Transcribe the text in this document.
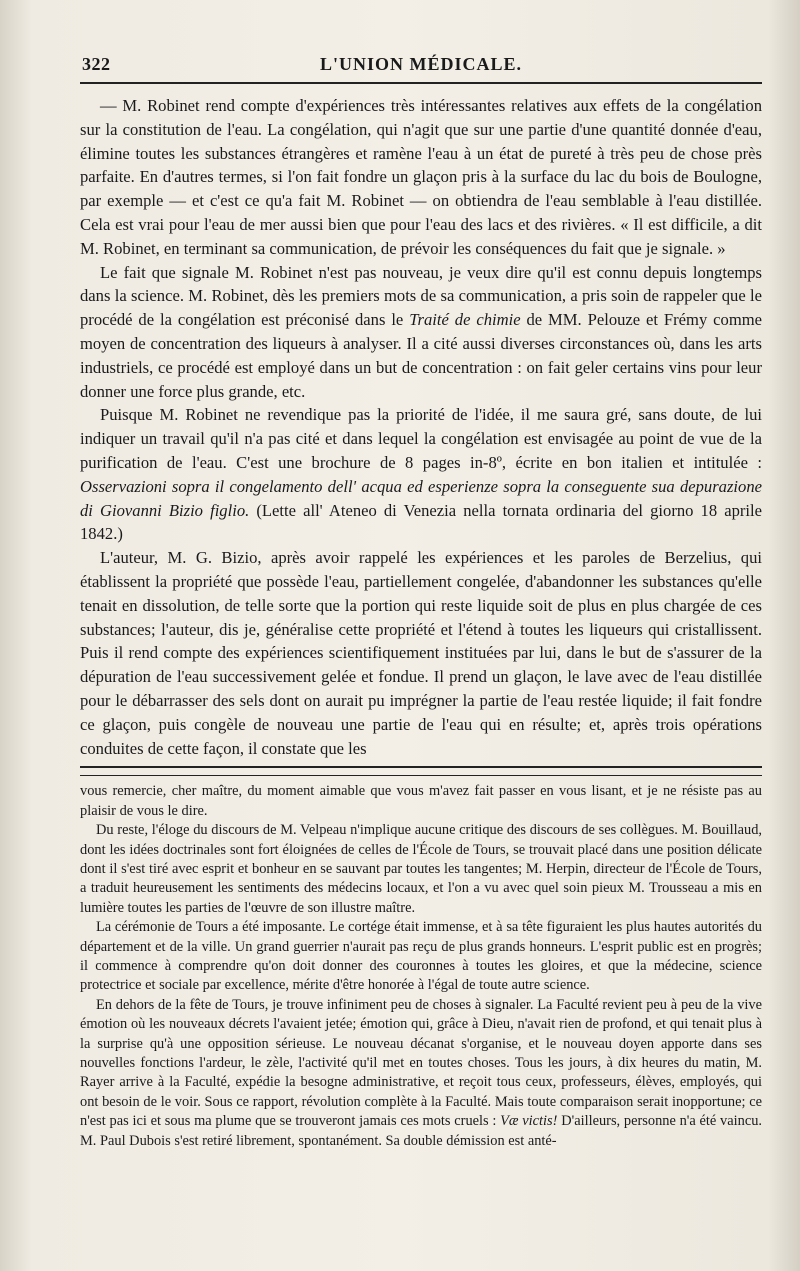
322	L'UNION MÉDICALE.

— M. Robinet rend compte d'expériences très intéressantes relatives aux effets de la congélation sur la constitution de l'eau. La congélation, qui n'agit que sur une partie d'une quantité donnée d'eau, élimine toutes les substances étrangères et ramène l'eau à un état de pureté à très peu de chose près parfaite. En d'autres termes, si l'on fait fondre un glaçon pris à la surface du lac du bois de Boulogne, par exemple — et c'est ce qu'a fait M. Robinet — on obtiendra de l'eau semblable à l'eau distillée. Cela est vrai pour l'eau de mer aussi bien que pour l'eau des lacs et des rivières. « Il est difficile, a dit M. Robinet, en terminant sa communication, de prévoir les conséquences du fait que je signale. »

Le fait que signale M. Robinet n'est pas nouveau, je veux dire qu'il est connu depuis longtemps dans la science. M. Robinet, dès les premiers mots de sa communication, a pris soin de rappeler que le procédé de la congélation est préconisé dans le Traité de chimie de MM. Pelouze et Frémy comme moyen de concentration des liqueurs à analyser. Il a cité aussi diverses circonstances où, dans les arts industriels, ce procédé est employé dans un but de concentration : on fait geler certains vins pour leur donner une force plus grande, etc.

Puisque M. Robinet ne revendique pas la priorité de l'idée, il me saura gré, sans doute, de lui indiquer un travail qu'il n'a pas cité et dans lequel la congélation est envisagée au point de vue de la purification de l'eau. C'est une brochure de 8 pages in-8º, écrite en bon italien et intitulée : Osservazioni sopra il congelamento dell' acqua ed esperienze sopra la conseguente sua depurazione di Giovanni Bizio figlio. (Lette all' Ateneo di Venezia nella tornata ordinaria del giorno 18 aprile 1842.)

L'auteur, M. G. Bizio, après avoir rappelé les expériences et les paroles de Berzelius, qui établissent la propriété que possède l'eau, partiellement congelée, d'abandonner les substances qu'elle tenait en dissolution, de telle sorte que la portion qui reste liquide soit de plus en plus chargée de ces substances; l'auteur, dis je, généralise cette propriété et l'étend à toutes les liqueurs qui cristallissent. Puis il rend compte des expériences scientifiquement instituées par lui, dans le but de s'assurer de la dépuration de l'eau successivement gelée et fondue. Il prend un glaçon, le lave avec de l'eau distillée pour le débarrasser des sels dont on aurait pu imprégner la partie de l'eau restée liquide; il fait fondre ce glaçon, puis congèle de nouveau une partie de l'eau qui en résulte; et, après trois opérations conduites de cette façon, il constate que les

vous remercie, cher maître, du moment aimable que vous m'avez fait passer en vous lisant, et je ne résiste pas au plaisir de vous le dire.

Du reste, l'éloge du discours de M. Velpeau n'implique aucune critique des discours de ses collègues. M. Bouillaud, dont les idées doctrinales sont fort éloignées de celles de l'École de Tours, se trouvait placé dans une position délicate dont il s'est tiré avec esprit et bonheur en se sauvant par toutes les tangentes; M. Herpin, directeur de l'École de Tours, a traduit heureusement les sentiments des médecins locaux, et l'on a vu avec quel soin pieux M. Trousseau a mis en lumière toutes les parties de l'œuvre de son illustre maître.

La cérémonie de Tours a été imposante. Le cortége était immense, et à sa tête figuraient les plus hautes autorités du département et de la ville. Un grand guerrier n'aurait pas reçu de plus grands honneurs. L'esprit public est en progrès; il commence à comprendre qu'on doit donner des couronnes à toutes les gloires, et que la médecine, science protectrice et sociale par excellence, mérite d'être honorée à l'égal de toute autre science.

En dehors de la fête de Tours, je trouve infiniment peu de choses à signaler. La Faculté revient peu à peu de la vive émotion où les nouveaux décrets l'avaient jetée; émotion qui, grâce à Dieu, n'avait rien de profond, et qui tenait plus à la surprise qu'à une opposition sérieuse. Le nouveau décanat s'organise, et le nouveau doyen apporte dans ses nouvelles fonctions l'ardeur, le zèle, l'activité qu'il met en toutes choses. Tous les jours, à dix heures du matin, M. Rayer arrive à la Faculté, expédie la besogne administrative, et reçoit tous ceux, professeurs, élèves, employés, qui ont besoin de le voir. Sous ce rapport, révolution complète à la Faculté. Mais toute comparaison serait inopportune; ce n'est pas ici et sous ma plume que se trouveront jamais ces mots cruels : Væ victis! D'ailleurs, personne n'a été vaincu. M. Paul Dubois s'est retiré librement, spontanément. Sa double démission est anté-
